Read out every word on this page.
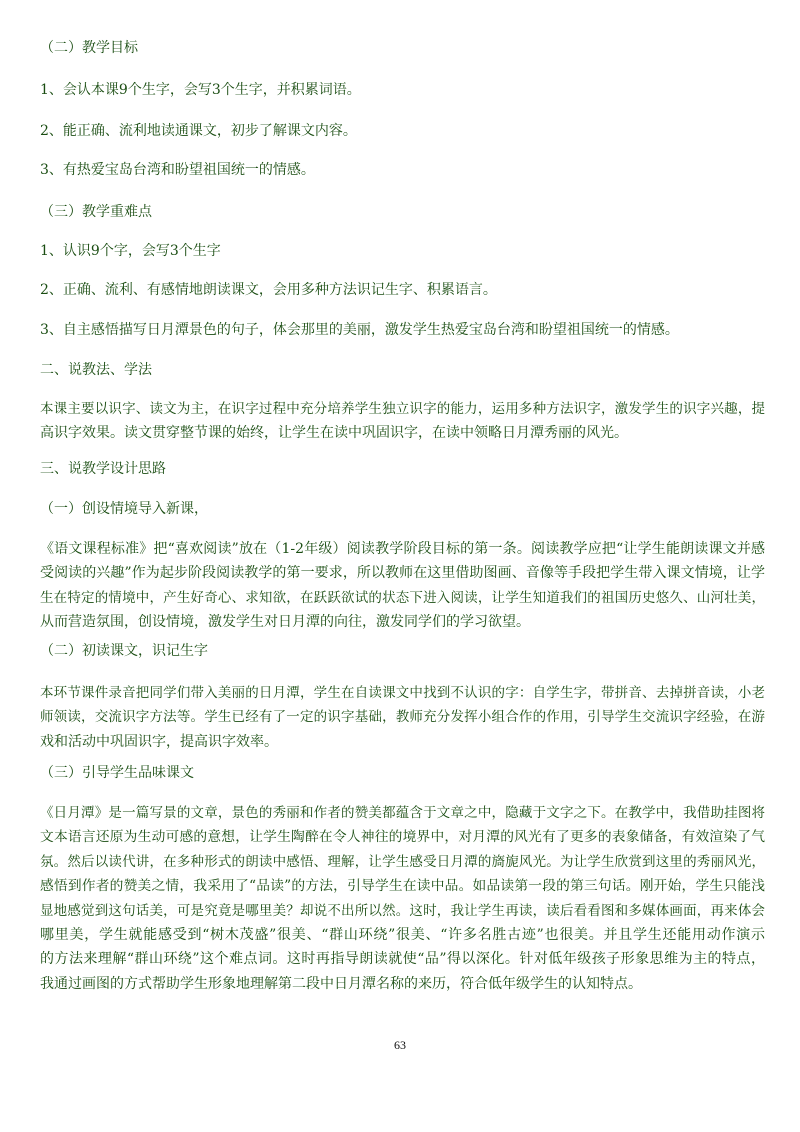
（二）教学目标
1、会认本课9个生字，会写3个生字，并积累词语。
2、能正确、流利地读通课文，初步了解课文内容。
3、有热爱宝岛台湾和盼望祖国统一的情感。
（三）教学重难点
1、认识9个字，会写3个生字
2、正确、流利、有感情地朗读课文，会用多种方法识记生字、积累语言。
3、自主感悟描写日月潭景色的句子，体会那里的美丽，激发学生热爱宝岛台湾和盼望祖国统一的情感。
二、说教法、学法
本课主要以识字、读文为主，在识字过程中充分培养学生独立识字的能力，运用多种方法识字，激发学生的识字兴趣，提
高识字效果。读文贯穿整节课的始终，让学生在读中巩固识字，在读中领略日月潭秀丽的风光。
三、说教学设计思路
（一）创设情境导入新课，
《语文课程标准》把“喜欢阅读”放在（1-2年级）阅读教学阶段目标的第一条。阅读教学应把“让学生能朗读课文并感
受阅读的兴趣”作为起步阶段阅读教学的第一要求，所以教师在这里借助图画、音像等手段把学生带入课文情境，让学
生在特定的情境中，产生好奇心、求知欲，在跃跃欲试的状态下进入阅读，让学生知道我们的祖国历史悠久、山河壮美，
从而营造氛围，创设情境，激发学生对日月潭的向往，激发同学们的学习欲望。
（二）初读课文，识记生字
本环节课件录音把同学们带入美丽的日月潭，学生在自读课文中找到不认识的字：自学生字，带拼音、去掉拼音读，小老
师领读，交流识字方法等。学生已经有了一定的识字基础，教师充分发挥小组合作的作用，引导学生交流识字经验，在游
戏和活动中巩固识字，提高识字效率。
（三）引导学生品味课文
《日月潭》是一篇写景的文章，景色的秀丽和作者的赞美都蕴含于文章之中，隐藏于文字之下。在教学中，我借助挂图将
文本语言还原为生动可感的意想，让学生陶醉在令人神往的境界中，对月潭的风光有了更多的表象储备，有效渲染了气
氛。然后以读代讲，在多种形式的朗读中感悟、理解，让学生感受日月潭的旖旎风光。为让学生欣赏到这里的秀丽风光，
感悟到作者的赞美之情，我采用了“品读”的方法，引导学生在读中品。如品读第一段的第三句话。刚开始，学生只能浅
显地感觉到这句话美，可是究竟是哪里美？却说不出所以然。这时，我让学生再读，读后看看图和多媒体画面，再来体会
哪里美，学生就能感受到“树木茂盛”很美、“群山环绕”很美、“许多名胜古迹”也很美。并且学生还能用动作演示
的方法来理解“群山环绕”这个难点词。这时再指导朗读就使“品”得以深化。针对低年级孩子形象思维为主的特点，
我通过画图的方式帮助学生形象地理解第二段中日月潭名称的来历，符合低年级学生的认知特点。
63
